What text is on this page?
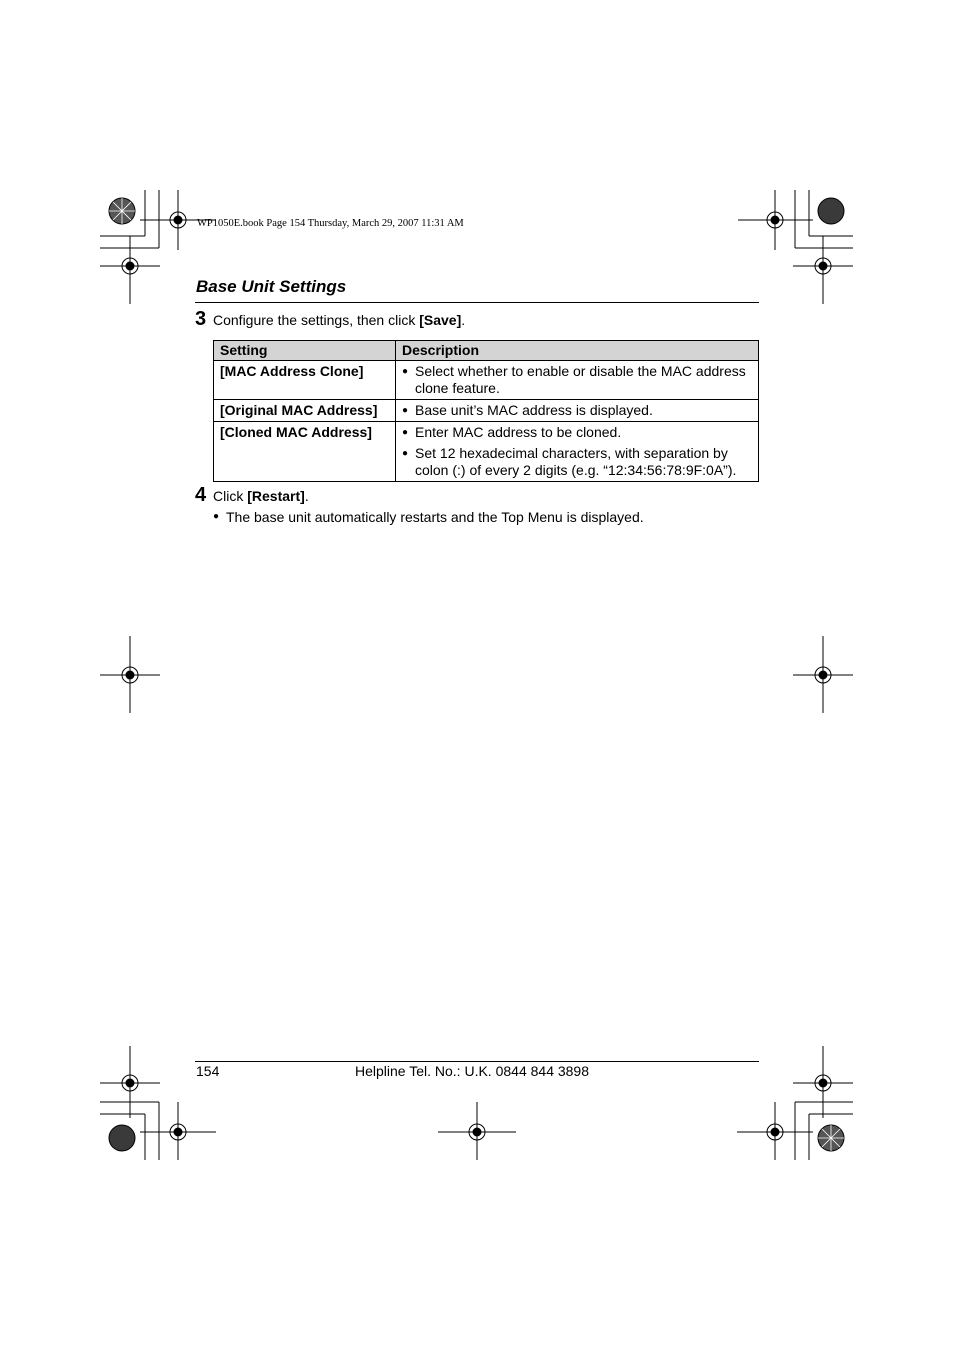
WP1050E.book Page 154 Thursday, March 29, 2007 11:31 AM
Base Unit Settings
3 Configure the settings, then click [Save].
Setting	Description
[MAC Address Clone]	● Select whether to enable or disable the MAC address clone feature.

[Original MAC Address]	● Base unit’s MAC address is displayed.

[Cloned MAC Address]	● Enter MAC address to be cloned.
● Set 12 hexadecimal characters, with separation by colon (:) of every 2 digits (e.g. “12:34:56:78:9F:0A”).
4 Click [Restart].
● The base unit automatically restarts and the Top Menu is displayed.
154	Helpline Tel. No.: U.K. 0844 844 3898
